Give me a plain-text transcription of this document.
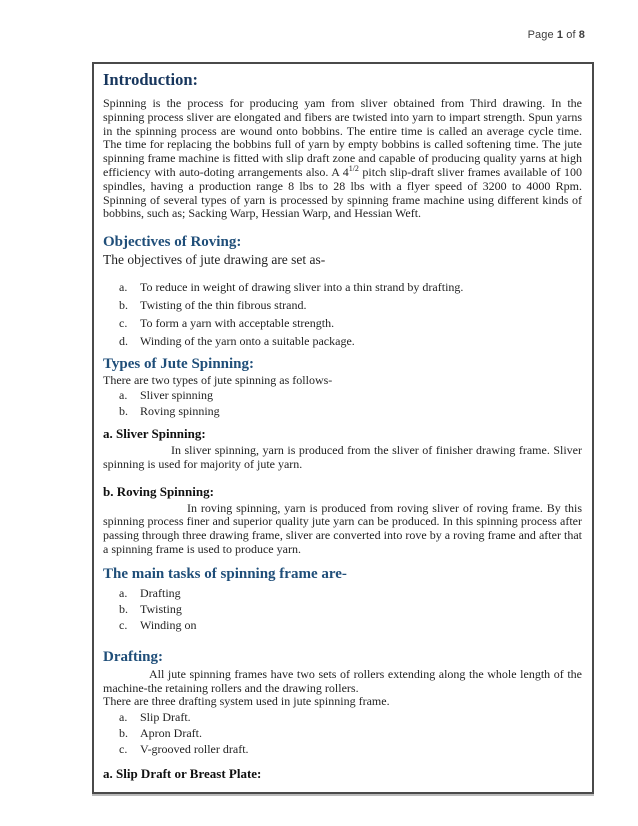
Page 1 of 8
Introduction:

Spinning is the process for producing yam from sliver obtained from Third drawing. In the spinning process sliver are elongated and fibers are twisted into yarn to impart strength. Spun yarns in the spinning process are wound onto bobbins. The entire time is called an average cycle time. The time for replacing the bobbins full of yarn by empty bobbins is called softening time. The jute spinning frame machine is fitted with slip draft zone and capable of producing quality yarns at high efficiency with auto-doting arrangements also. A $4^{1/2}$ pitch slip-draft sliver frames available of 100 spindles, having a production range 8 lbs to 28 lbs with a flyer speed of 3200 to 4000 Rpm. Spinning of several types of yarn is processed by spinning frame machine using different kinds of bobbins, such as; Sacking Warp, Hessian Warp, and Hessian Weft.

Objectives of Roving:

The objectives of jute drawing are set as-

a. To reduce in weight of drawing sliver into a thin strand by drafting.
b. Twisting of the thin fibrous strand.
c. To form a yarn with acceptable strength.
d. Winding of the yarn onto a suitable package.
Types of Jute Spinning:

There are two types of jute spinning as follows-

a. Sliver spinning
b. Roving spinning
a. Sliver Spinning:

In sliver spinning, yarn is produced from the sliver of finisher drawing frame. Sliver spinning is used for majority of jute yarn.

b. Roving Spinning:

In roving spinning, yarn is produced from roving sliver of roving frame. By this spinning process finer and superior quality jute yarn can be produced. In this spinning process after passing through three drawing frame, sliver are converted into rove by a roving frame and after that a spinning frame is used to produce yarn.

The main tasks of spinning frame are-
a. Drafting
b. Twisting
c. Winding on
Drafting:

All jute spinning frames have two sets of rollers extending along the whole length of the machine-the retaining rollers and the drawing rollers.

There are three drafting system used in jute spinning frame.

a. Slip Draft.
b. Apron Draft.
c. V-grooved roller draft.
a. Slip Draft or Breast Plate:
